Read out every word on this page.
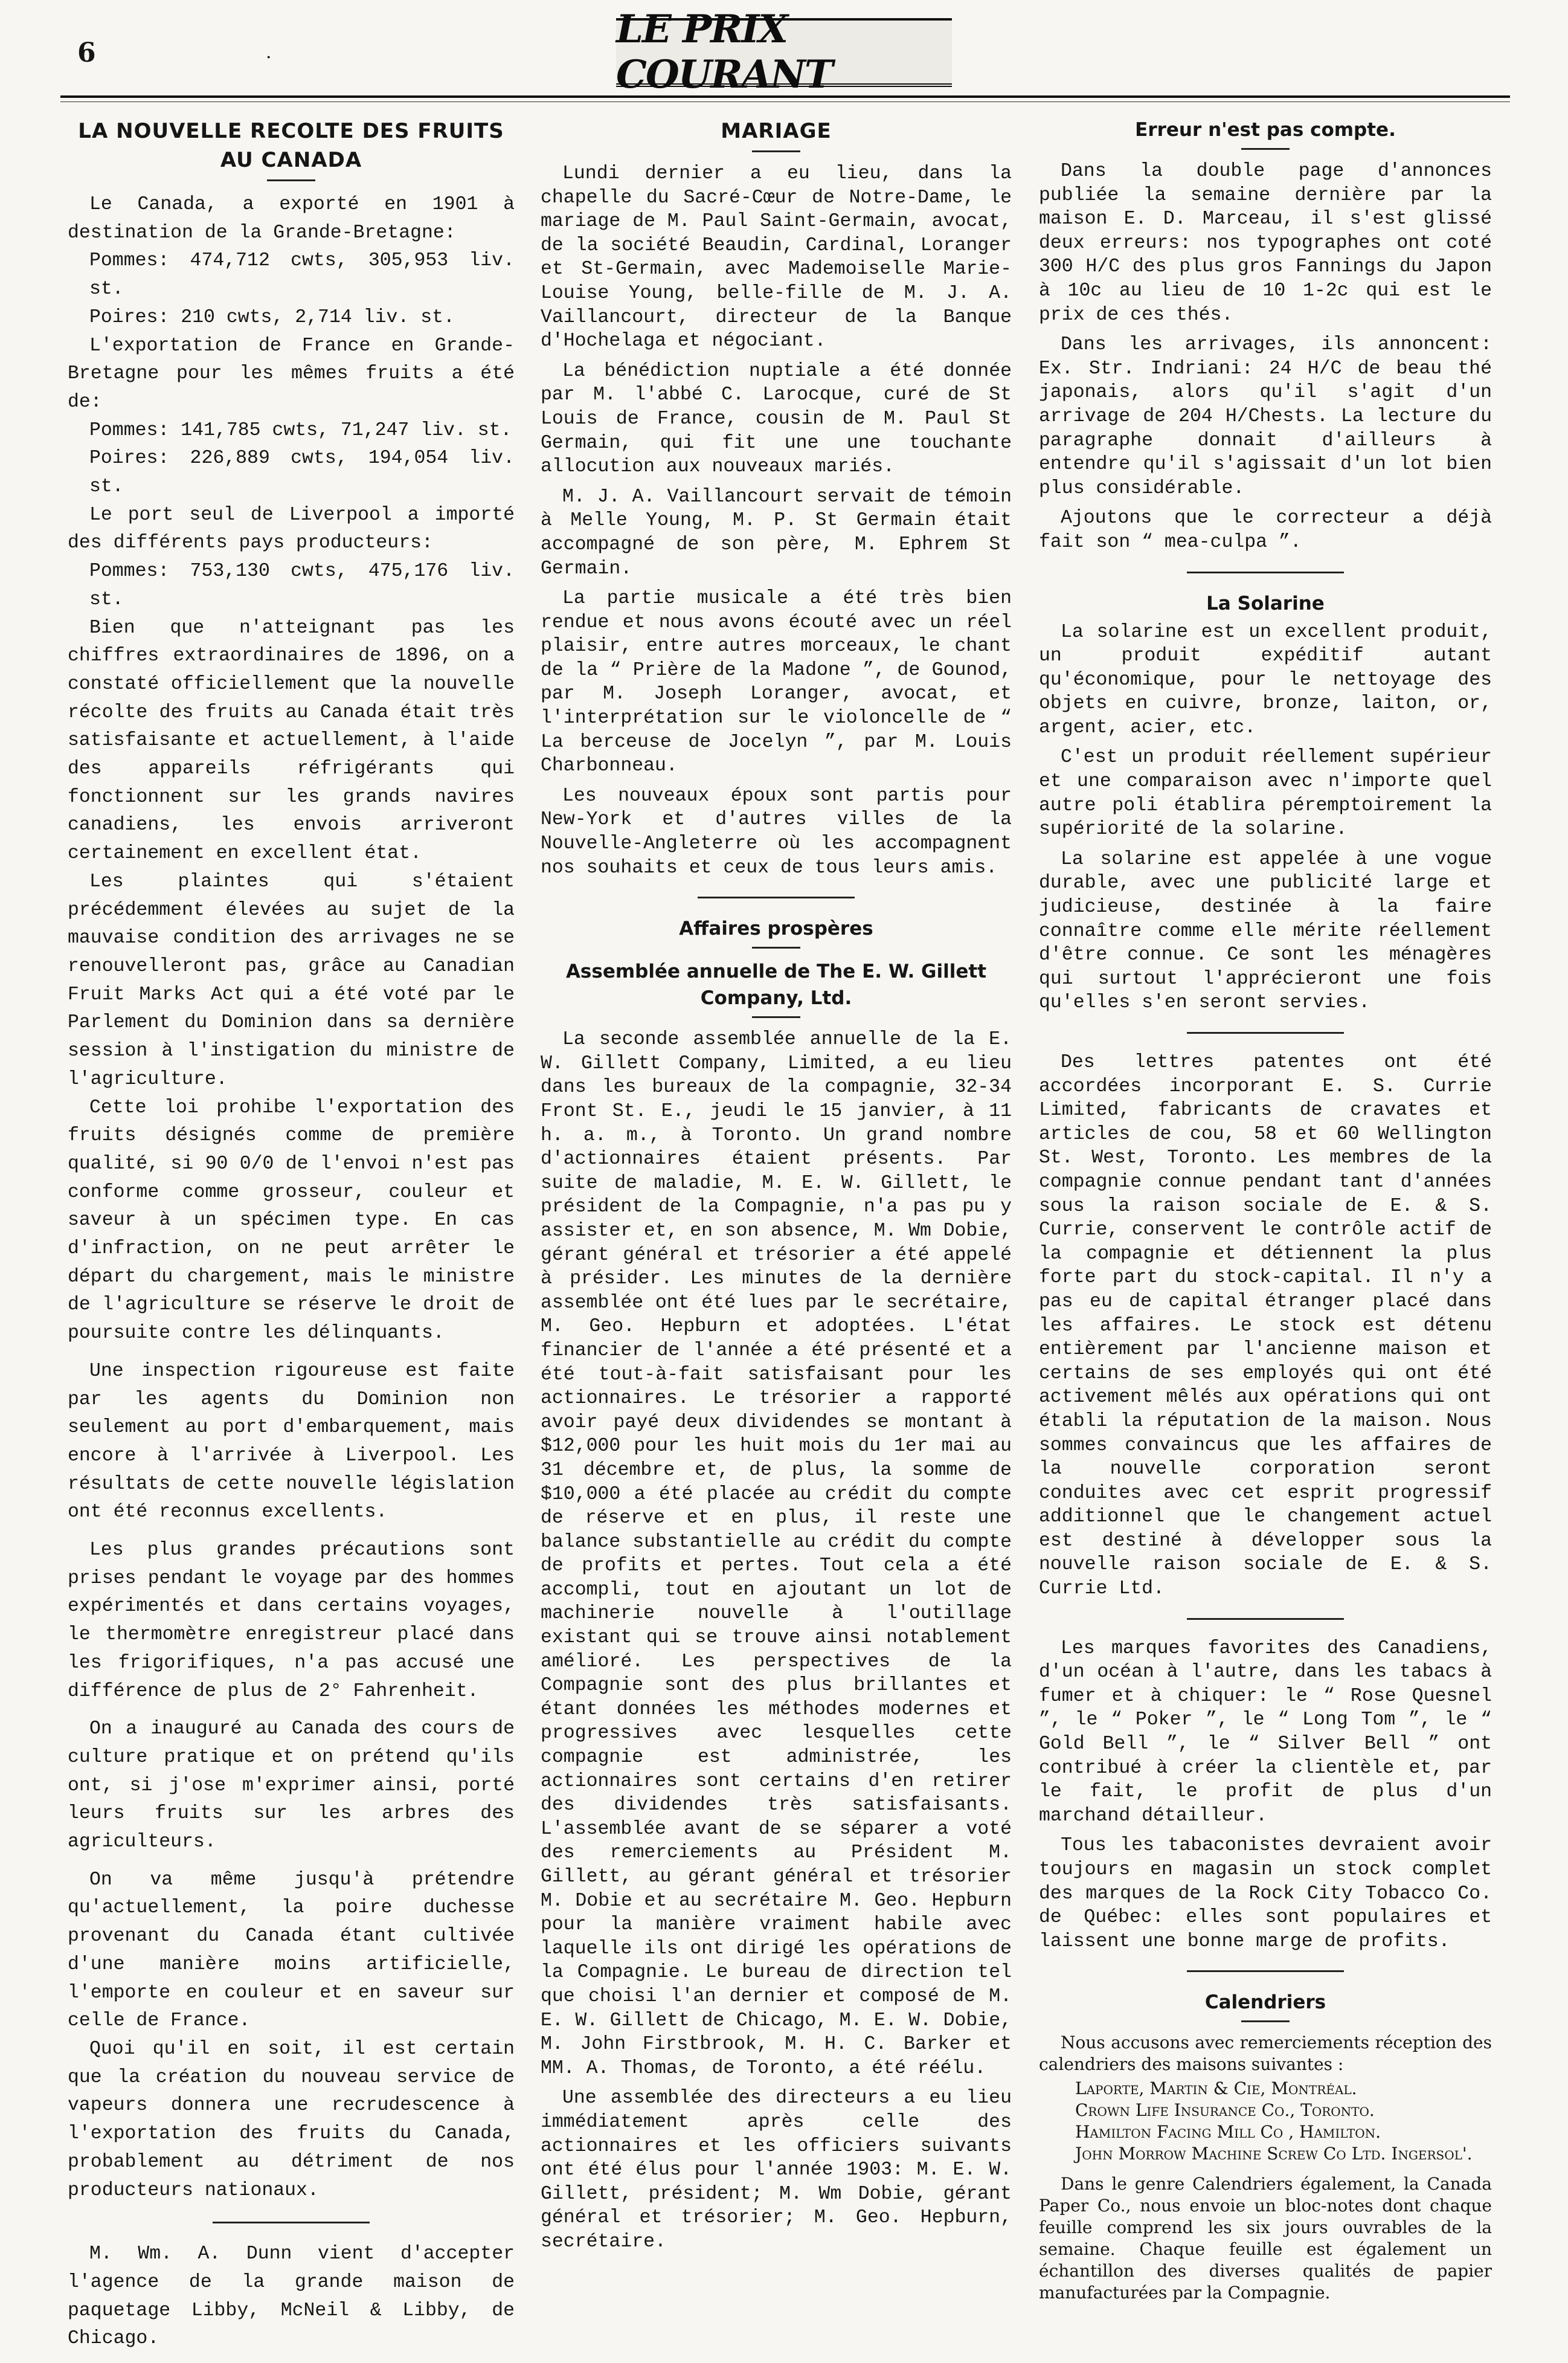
6	·
LE PRIX COURANT
LA NOUVELLE RECOLTE DES FRUITS AU CANADA

Le Canada, a exporté en 1901 à destination de la Grande-Bretagne:

Pommes: 474,712 cwts, 305,953 liv. st.

Poires: 210 cwts, 2,714 liv. st.

L'exportation de France en Grande-Bretagne pour les mêmes fruits a été de:

Pommes: 141,785 cwts, 71,247 liv. st.

Poires: 226,889 cwts, 194,054 liv. st.

Le port seul de Liverpool a importé des différents pays producteurs:

Pommes: 753,130 cwts, 475,176 liv. st.

Bien que n'atteignant pas les chiffres extraordinaires de 1896, on a constaté officiellement que la nouvelle récolte des fruits au Canada était très satisfaisante et actuellement, à l'aide des appareils réfrigérants qui fonctionnent sur les grands navires canadiens, les envois arriveront certainement en excellent état.

Les plaintes qui s'étaient précédemment élevées au sujet de la mauvaise condition des arrivages ne se renouvelleront pas, grâce au Canadian Fruit Marks Act qui a été voté par le Parlement du Dominion dans sa dernière session à l'instigation du ministre de l'agriculture.

Cette loi prohibe l'exportation des fruits désignés comme de première qualité, si 90 0/0 de l'envoi n'est pas conforme comme grosseur, couleur et saveur à un spécimen type. En cas d'infraction, on ne peut arrêter le départ du chargement, mais le ministre de l'agriculture se réserve le droit de poursuite contre les délinquants.

Une inspection rigoureuse est faite par les agents du Dominion non seulement au port d'embarquement, mais encore à l'arrivée à Liverpool. Les résultats de cette nouvelle législation ont été reconnus excellents.

Les plus grandes précautions sont prises pendant le voyage par des hommes expérimentés et dans certains voyages, le thermomètre enregistreur placé dans les frigorifiques, n'a pas accusé une différence de plus de 2° Fahrenheit.

On a inauguré au Canada des cours de culture pratique et on prétend qu'ils ont, si j'ose m'exprimer ainsi, porté leurs fruits sur les arbres des agriculteurs.

On va même jusqu'à prétendre qu'actuellement, la poire duchesse provenant du Canada étant cultivée d'une manière moins artificielle, l'emporte en couleur et en saveur sur celle de France.

Quoi qu'il en soit, il est certain que la création du nouveau service de vapeurs donnera une recrudescence à l'exportation des fruits du Canada, probablement au détriment de nos producteurs nationaux.

M. Wm. A. Dunn vient d'accepter l'agence de la grande maison de paquetage Libby, McNeil & Libby, de Chicago.

MARIAGE

Lundi dernier a eu lieu, dans la chapelle du Sacré-Cœur de Notre-Dame, le mariage de M. Paul Saint-Germain, avocat, de la société Beaudin, Cardinal, Loranger et St-Germain, avec Mademoiselle Marie-Louise Young, belle-fille de M. J. A. Vaillancourt, directeur de la Banque d'Hochelaga et négociant.

La bénédiction nuptiale a été donnée par M. l'abbé C. Larocque, curé de St Louis de France, cousin de M. Paul St Germain, qui fit une une touchante allocution aux nouveaux mariés.

M. J. A. Vaillancourt servait de témoin à Melle Young, M. P. St Germain était accompagné de son père, M. Ephrem St Germain.

La partie musicale a été très bien rendue et nous avons écouté avec un réel plaisir, entre autres morceaux, le chant de la “ Prière de la Madone ”, de Gounod, par M. Joseph Loranger, avocat, et l'interprétation sur le violoncelle de “ La berceuse de Jocelyn ”, par M. Louis Charbonneau.

Les nouveaux époux sont partis pour New-York et d'autres villes de la Nouvelle-Angleterre où les accompagnent nos souhaits et ceux de tous leurs amis.

Affaires prospères
Assemblée annuelle de The E. W. Gillett Company, Ltd.

La seconde assemblée annuelle de la E. W. Gillett Company, Limited, a eu lieu dans les bureaux de la compagnie, 32-34 Front St. E., jeudi le 15 janvier, à 11 h. a. m., à Toronto. Un grand nombre d'actionnaires étaient présents. Par suite de maladie, M. E. W. Gillett, le président de la Compagnie, n'a pas pu y assister et, en son absence, M. Wm Dobie, gérant général et trésorier a été appelé à présider. Les minutes de la dernière assemblée ont été lues par le secrétaire, M. Geo. Hepburn et adoptées. L'état financier de l'année a été présenté et a été tout-à-fait satisfaisant pour les actionnaires. Le trésorier a rapporté avoir payé deux dividendes se montant à $12,000 pour les huit mois du 1er mai au 31 décembre et, de plus, la somme de $10,000 a été placée au crédit du compte de réserve et en plus, il reste une balance substantielle au crédit du compte de profits et pertes. Tout cela a été accompli, tout en ajoutant un lot de machinerie nouvelle à l'outillage existant qui se trouve ainsi notablement amélioré. Les perspectives de la Compagnie sont des plus brillantes et étant données les méthodes modernes et progressives avec lesquelles cette compagnie est administrée, les actionnaires sont certains d'en retirer des dividendes très satisfaisants. L'assemblée avant de se séparer a voté des remerciements au Président M. Gillett, au gérant général et trésorier M. Dobie et au secrétaire M. Geo. Hepburn pour la manière vraiment habile avec laquelle ils ont dirigé les opérations de la Compagnie. Le bureau de direction tel que choisi l'an dernier et composé de M. E. W. Gillett de Chicago, M. E. W. Dobie, M. John Firstbrook, M. H. C. Barker et MM. A. Thomas, de Toronto, a été réélu.

Une assemblée des directeurs a eu lieu immédiatement après celle des actionnaires et les officiers suivants ont été élus pour l'année 1903: M. E. W. Gillett, président; M. Wm Dobie, gérant général et trésorier; M. Geo. Hepburn, secrétaire.

Erreur n'est pas compte.

Dans la double page d'annonces publiée la semaine dernière par la maison E. D. Marceau, il s'est glissé deux erreurs: nos typographes ont coté 300 H/C des plus gros Fannings du Japon à 10c au lieu de 10 1-2c qui est le prix de ces thés.

Dans les arrivages, ils annoncent: Ex. Str. Indriani: 24 H/C de beau thé japonais, alors qu'il s'agit d'un arrivage de 204 H/Chests. La lecture du paragraphe donnait d'ailleurs à entendre qu'il s'agissait d'un lot bien plus considérable.

Ajoutons que le correcteur a déjà fait son “ mea-culpa ”.

La Solarine

La solarine est un excellent produit, un produit expéditif autant qu'économique, pour le nettoyage des objets en cuivre, bronze, laiton, or, argent, acier, etc.

C'est un produit réellement supérieur et une comparaison avec n'importe quel autre poli établira péremptoirement la supériorité de la solarine.

La solarine est appelée à une vogue durable, avec une publicité large et judicieuse, destinée à la faire connaître comme elle mérite réellement d'être connue. Ce sont les ménagères qui surtout l'apprécieront une fois qu'elles s'en seront servies.

Des lettres patentes ont été accordées incorporant E. S. Currie Limited, fabricants de cravates et articles de cou, 58 et 60 Wellington St. West, Toronto. Les membres de la compagnie connue pendant tant d'années sous la raison sociale de E. & S. Currie, conservent le contrôle actif de la compagnie et détiennent la plus forte part du stock-capital. Il n'y a pas eu de capital étranger placé dans les affaires. Le stock est détenu entièrement par l'ancienne maison et certains de ses employés qui ont été activement mêlés aux opérations qui ont établi la réputation de la maison. Nous sommes convaincus que les affaires de la nouvelle corporation seront conduites avec cet esprit progressif additionnel que le changement actuel est destiné à développer sous la nouvelle raison sociale de E. & S. Currie Ltd.

Les marques favorites des Canadiens, d'un océan à l'autre, dans les tabacs à fumer et à chiquer: le “ Rose Quesnel ”, le “ Poker ”, le “ Long Tom ”, le “ Gold Bell ”, le “ Silver Bell ” ont contribué à créer la clientèle et, par le fait, le profit de plus d'un marchand détailleur.

Tous les tabaconistes devraient avoir toujours en magasin un stock complet des marques de la Rock City Tobacco Co. de Québec: elles sont populaires et laissent une bonne marge de profits.

Calendriers

Nous accusons avec remerciements réception des calendriers des maisons suivantes :

Laporte, Martin & Cie, Montréal.
Crown Life Insurance Co., Toronto.
Hamilton Facing Mill Co , Hamilton.
John Morrow Machine Screw Co Ltd. Ingersol'.

Dans le genre Calendriers également, la Canada Paper Co., nous envoie un bloc-notes dont chaque feuille comprend les six jours ouvrables de la semaine. Chaque feuille est également un échantillon des diverses qualités de papier manufacturées par la Compagnie.
